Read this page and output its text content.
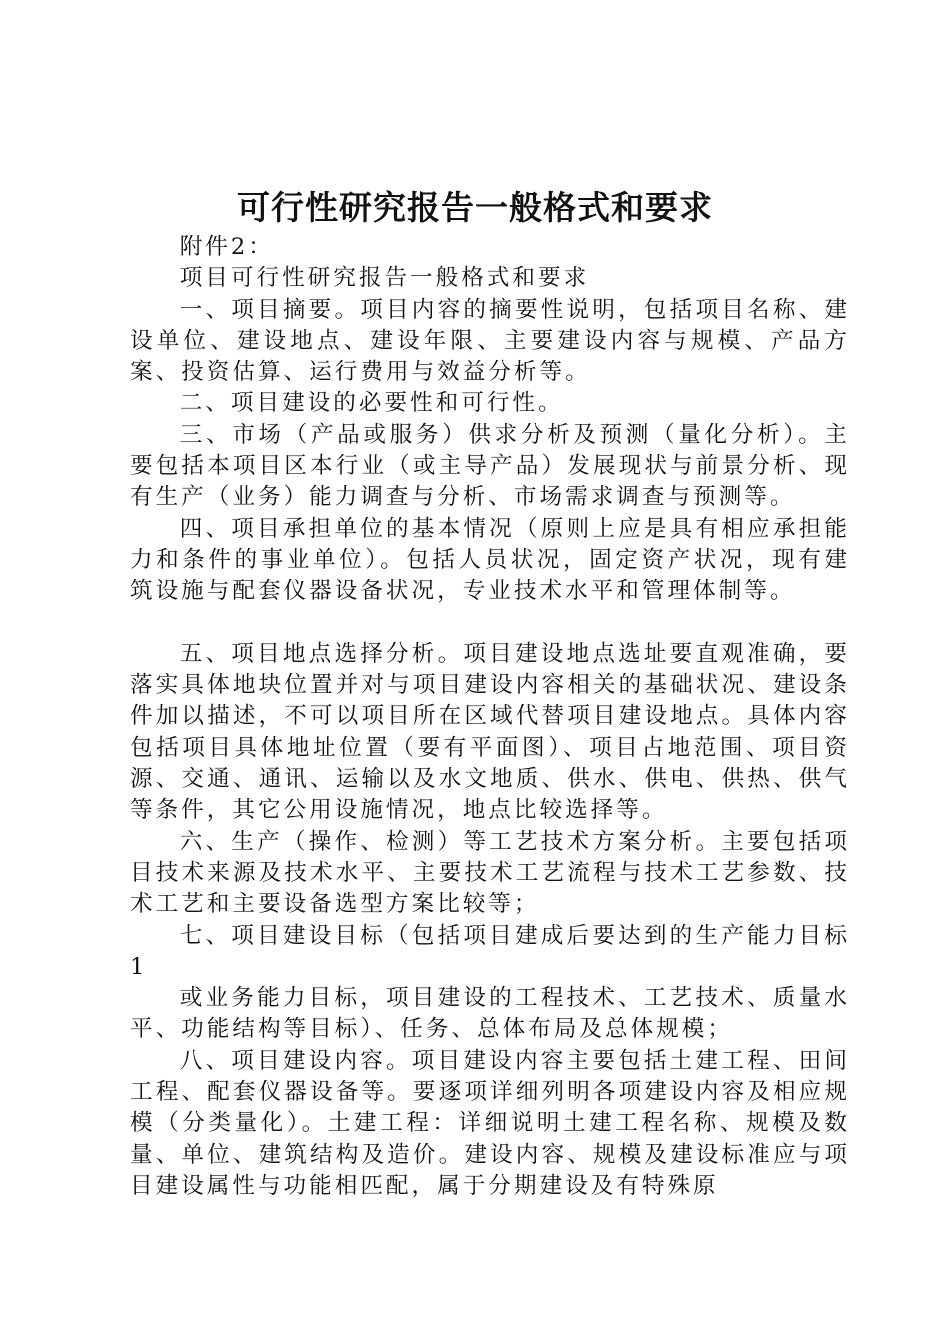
可行性研究报告一般格式和要求

附件2：

项目可行性研究报告一般格式和要求

一、项目摘要。项目内容的摘要性说明，包括项目名称、建设单位、建设地点、建设年限、主要建设内容与规模、产品方案、投资估算、运行费用与效益分析等。

二、项目建设的必要性和可行性。

三、市场（产品或服务）供求分析及预测（量化分析）。主要包括本项目区本行业（或主导产品）发展现状与前景分析、现有生产（业务）能力调查与分析、市场需求调查与预测等。

四、项目承担单位的基本情况（原则上应是具有相应承担能力和条件的事业单位）。包括人员状况，固定资产状况，现有建筑设施与配套仪器设备状况，专业技术水平和管理体制等。

五、项目地点选择分析。项目建设地点选址要直观准确，要落实具体地块位置并对与项目建设内容相关的基础状况、建设条件加以描述，不可以项目所在区域代替项目建设地点。具体内容包括项目具体地址位置（要有平面图）、项目占地范围、项目资源、交通、通讯、运输以及水文地质、供水、供电、供热、供气等条件，其它公用设施情况，地点比较选择等。

六、生产（操作、检测）等工艺技术方案分析。主要包括项目技术来源及技术水平、主要技术工艺流程与技术工艺参数、技术工艺和主要设备选型方案比较等；

七、项目建设目标（包括项目建成后要达到的生产能力目标1

或业务能力目标，项目建设的工程技术、工艺技术、质量水平、功能结构等目标）、任务、总体布局及总体规模；

八、项目建设内容。项目建设内容主要包括土建工程、田间工程、配套仪器设备等。要逐项详细列明各项建设内容及相应规模（分类量化）。土建工程：详细说明土建工程名称、规模及数量、单位、建筑结构及造价。建设内容、规模及建设标准应与项目建设属性与功能相匹配，属于分期建设及有特殊原
